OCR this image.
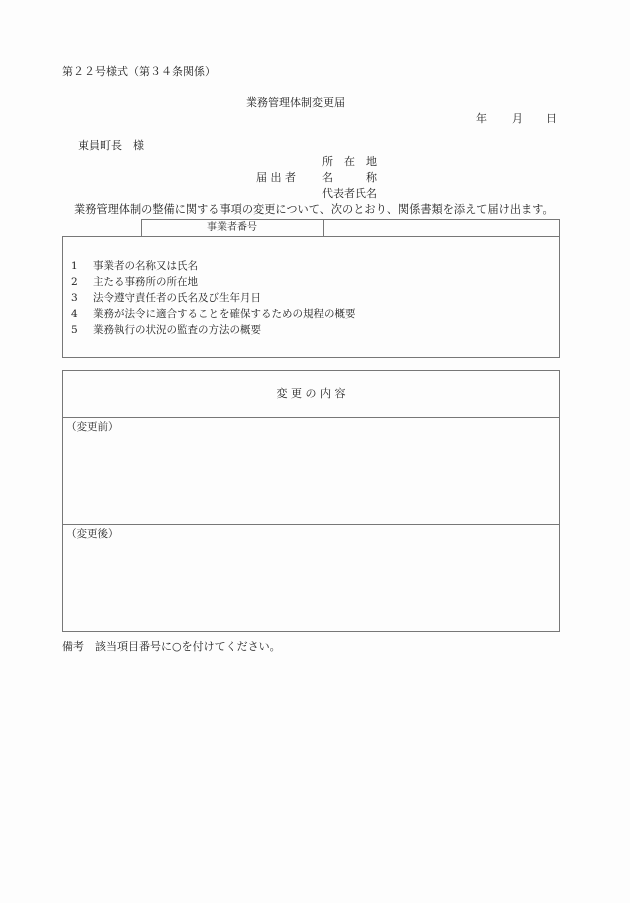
第２２号様式（第３４条関係）
業務管理体制変更届
年 月 日
東員町長　様
所　在　地
届 出 者 名　　　称
代表者氏名
業務管理体制の整備に関する事項の変更について、次のとおり、関係書類を添えて届け出ます。
事業者番号
1 事業者の名称又は氏名
2 主たる事務所の所在地
3 法令遵守責任者の氏名及び生年月日
4 業務が法令に適合することを確保するための規程の概要
5 業務執行の状況の監査の方法の概要
変 更 の 内 容
（変更前）
（変更後）
備考　該当項目番号に○を付けてください。
